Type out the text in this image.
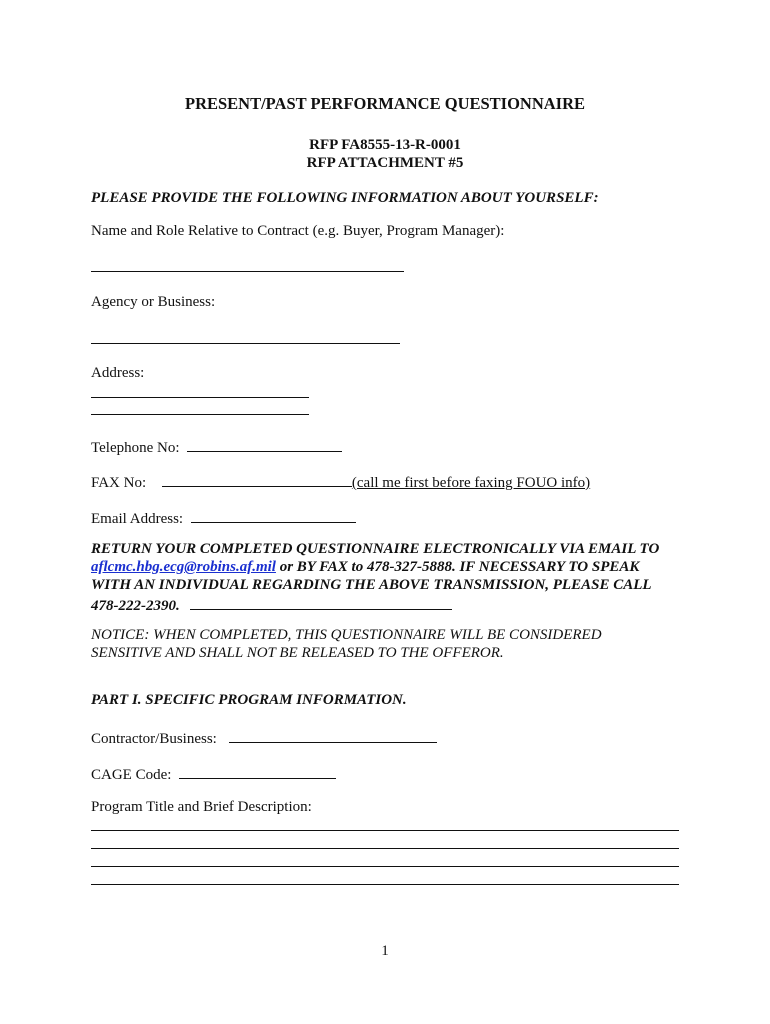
PRESENT/PAST PERFORMANCE QUESTIONNAIRE
RFP FA8555-13-R-0001
RFP ATTACHMENT #5
PLEASE PROVIDE THE FOLLOWING INFORMATION ABOUT YOURSELF:
Name and Role Relative to Contract (e.g. Buyer, Program Manager):
Agency or Business:
Address:
Telephone No:
FAX No:	(call me first before faxing FOUO info)
Email Address:
RETURN YOUR COMPLETED QUESTIONNAIRE ELECTRONICALLY VIA EMAIL TO
aflcmc.hbg.ecg@robins.af.mil or BY FAX to 478-327-5888. IF NECESSARY TO SPEAK
WITH AN INDIVIDUAL REGARDING THE ABOVE TRANSMISSION, PLEASE CALL
478-222-2390.
NOTICE: WHEN COMPLETED, THIS QUESTIONNAIRE WILL BE CONSIDERED
SENSITIVE AND SHALL NOT BE RELEASED TO THE OFFEROR.
PART I. SPECIFIC PROGRAM INFORMATION.
Contractor/Business:
CAGE Code:
Program Title and Brief Description:
1
